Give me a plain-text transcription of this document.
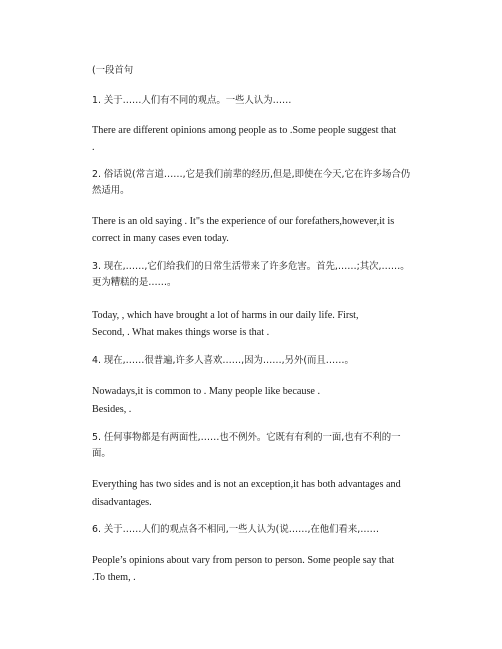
(一段首句
1. 关于……人们有不同的观点。一些人认为……
There are different opinions among people as to .Some people suggest that
.
2. 俗话说(常言道……,它是我们前辈的经历,但是,即使在今天,它在许多场合仍
然适用。
There is an old saying . It"s the experience of our forefathers,however,it is
correct in many cases even today.
3. 现在,……,它们给我们的日常生活带来了许多危害。首先,……;其次,……。
更为糟糕的是……。
Today, , which have brought a lot of harms in our daily life. First,
Second, . What makes things worse is that .
4. 现在,……很普遍,许多人喜欢……,因为……,另外(而且……。
Nowadays,it is common to . Many people like because .
Besides, .
5. 任何事物都是有两面性,……也不例外。它既有有利的一面,也有不利的一
面。
Everything has two sides and is not an exception,it has both advantages and
disadvantages.
6. 关于……人们的观点各不相同,一些人认为(说……,在他们看来,……
People’s opinions about vary from person to person. Some people say that
.To them, .
